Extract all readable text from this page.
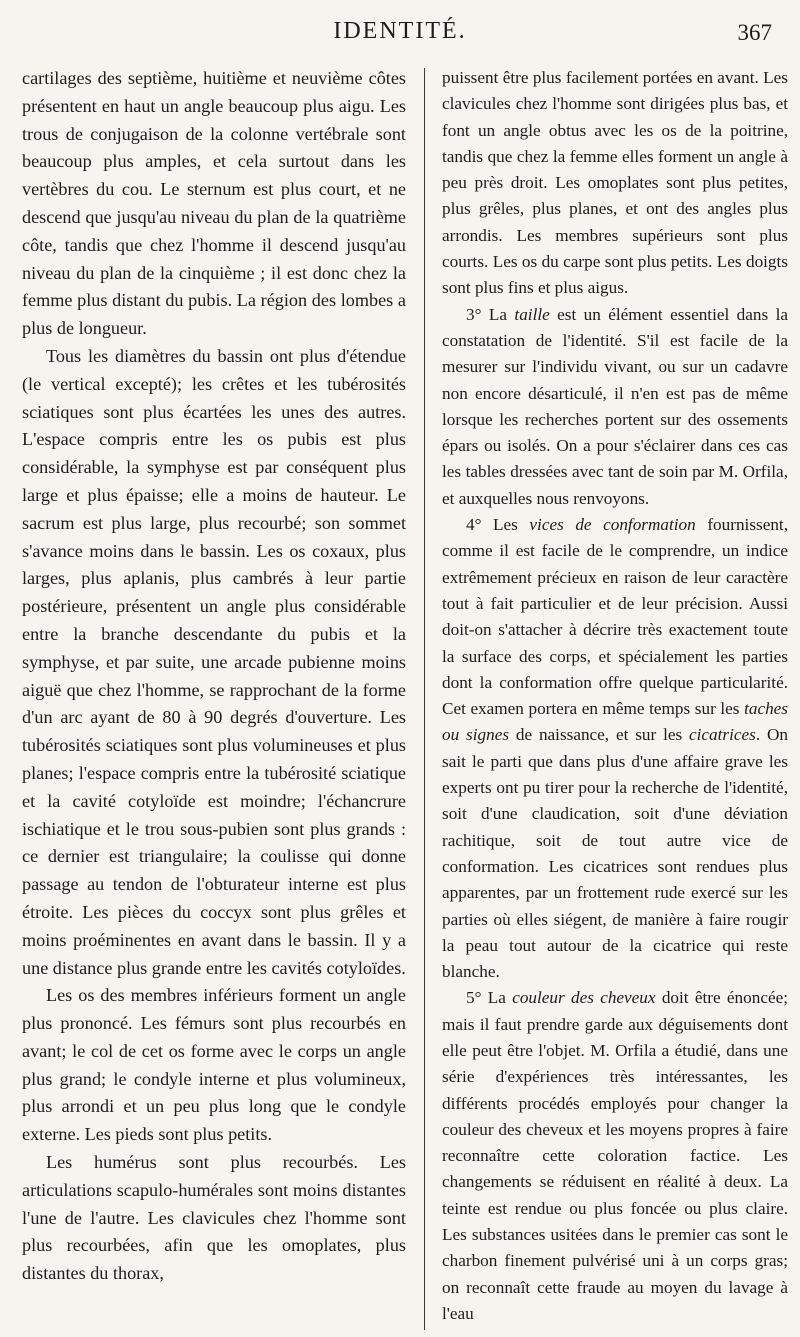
IDENTITÉ.	367

cartilages des septième, huitième et neuvième côtes présentent en haut un angle beaucoup plus aigu. Les trous de conjugaison de la colonne vertébrale sont beaucoup plus amples, et cela surtout dans les vertèbres du cou. Le sternum est plus court, et ne descend que jusqu'au niveau du plan de la quatrième côte, tandis que chez l'homme il descend jusqu'au niveau du plan de la cinquième ; il est donc chez la femme plus distant du pubis. La région des lombes a plus de longueur.

Tous les diamètres du bassin ont plus d'étendue (le vertical excepté); les crêtes et les tubérosités sciatiques sont plus écartées les unes des autres. L'espace compris entre les os pubis est plus considérable, la symphyse est par conséquent plus large et plus épaisse; elle a moins de hauteur. Le sacrum est plus large, plus recourbé; son sommet s'avance moins dans le bassin. Les os coxaux, plus larges, plus aplanis, plus cambrés à leur partie postérieure, présentent un angle plus considérable entre la branche descendante du pubis et la symphyse, et par suite, une arcade pubienne moins aiguë que chez l'homme, se rapprochant de la forme d'un arc ayant de 80 à 90 degrés d'ouverture. Les tubérosités sciatiques sont plus volumineuses et plus planes; l'espace compris entre la tubérosité sciatique et la cavité cotyloïde est moindre; l'échancrure ischiatique et le trou sous-pubien sont plus grands : ce dernier est triangulaire; la coulisse qui donne passage au tendon de l'obturateur interne est plus étroite. Les pièces du coccyx sont plus grêles et moins proéminentes en avant dans le bassin. Il y a une distance plus grande entre les cavités cotyloïdes.

Les os des membres inférieurs forment un angle plus prononcé. Les fémurs sont plus recourbés en avant; le col de cet os forme avec le corps un angle plus grand; le condyle interne et plus volumineux, plus arrondi et un peu plus long que le condyle externe. Les pieds sont plus petits.

Les humérus sont plus recourbés. Les articulations scapulo-humérales sont moins distantes l'une de l'autre. Les clavicules chez l'homme sont plus recourbées, afin que les omoplates, plus distantes du thorax,

puissent être plus facilement portées en avant. Les clavicules chez l'homme sont dirigées plus bas, et font un angle obtus avec les os de la poitrine, tandis que chez la femme elles forment un angle à peu près droit. Les omoplates sont plus petites, plus grêles, plus planes, et ont des angles plus arrondis. Les membres supérieurs sont plus courts. Les os du carpe sont plus petits. Les doigts sont plus fins et plus aigus.

3° La taille est un élément essentiel dans la constatation de l'identité. S'il est facile de la mesurer sur l'individu vivant, ou sur un cadavre non encore désarticulé, il n'en est pas de même lorsque les recherches portent sur des ossements épars ou isolés. On a pour s'éclairer dans ces cas les tables dressées avec tant de soin par M. Orfila, et auxquelles nous renvoyons.

4° Les vices de conformation fournissent, comme il est facile de le comprendre, un indice extrêmement précieux en raison de leur caractère tout à fait particulier et de leur précision. Aussi doit-on s'attacher à décrire très exactement toute la surface des corps, et spécialement les parties dont la conformation offre quelque particularité. Cet examen portera en même temps sur les taches ou signes de naissance, et sur les cicatrices. On sait le parti que dans plus d'une affaire grave les experts ont pu tirer pour la recherche de l'identité, soit d'une claudication, soit d'une déviation rachitique, soit de tout autre vice de conformation. Les cicatrices sont rendues plus apparentes, par un frottement rude exercé sur les parties où elles siégent, de manière à faire rougir la peau tout autour de la cicatrice qui reste blanche.

5° La couleur des cheveux doit être énoncée; mais il faut prendre garde aux déguisements dont elle peut être l'objet. M. Orfila a étudié, dans une série d'expériences très intéressantes, les différents procédés employés pour changer la couleur des cheveux et les moyens propres à faire reconnaître cette coloration factice. Les changements se réduisent en réalité à deux. La teinte est rendue ou plus foncée ou plus claire. Les substances usitées dans le premier cas sont le charbon finement pulvérisé uni à un corps gras; on reconnaît cette fraude au moyen du lavage à l'eau
